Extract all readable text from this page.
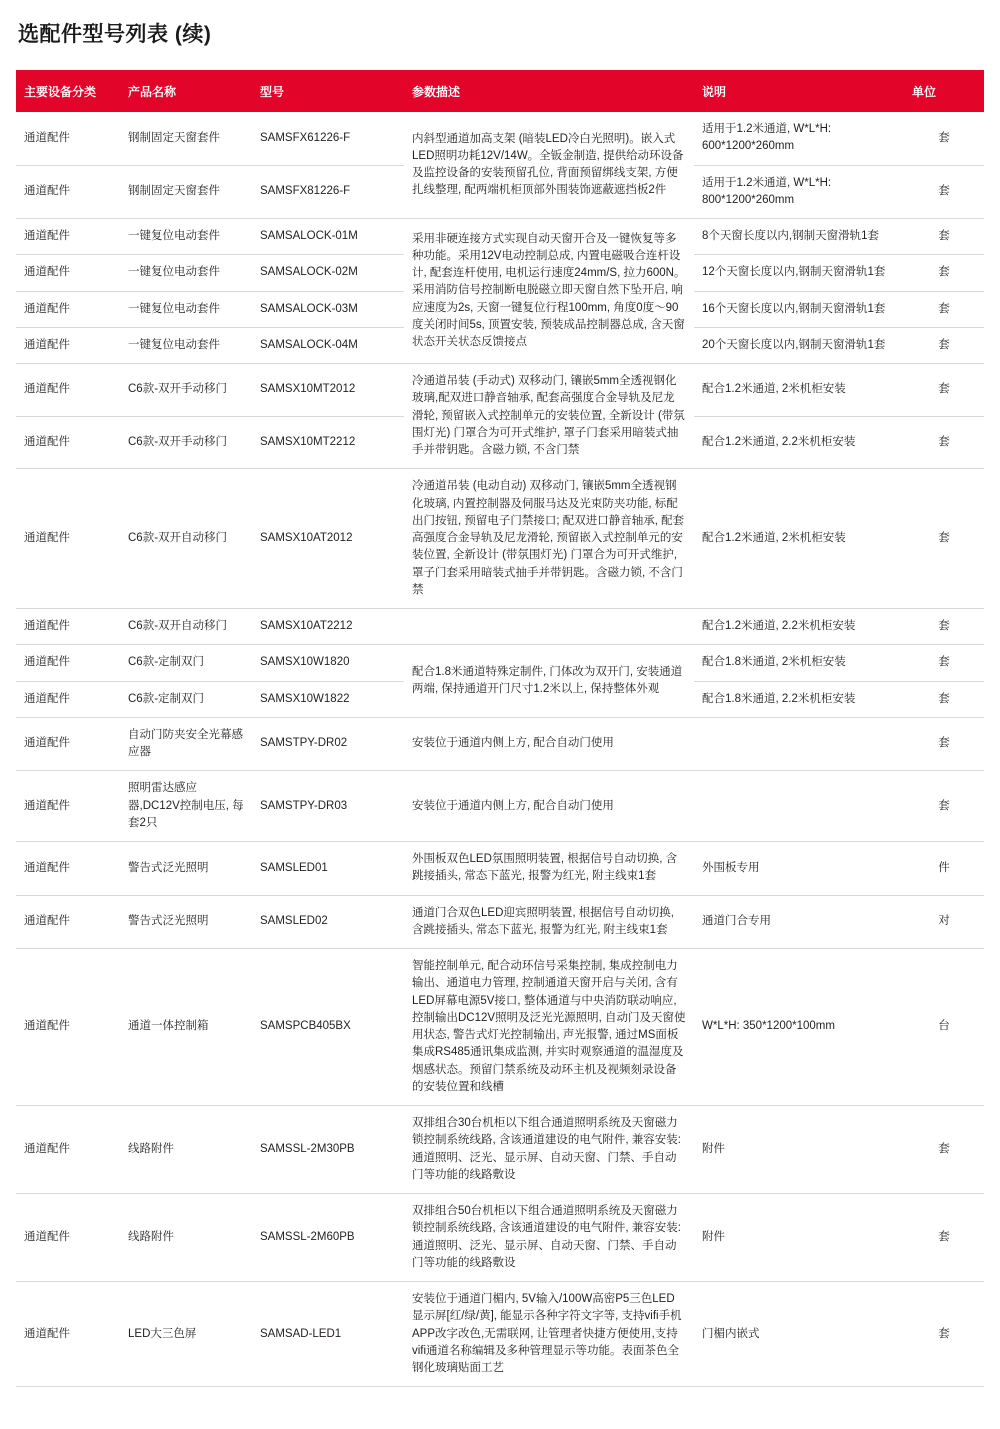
选配件型号列表 (续)
主要设备分类	产品名称	型号	参数描述	说明	单位
通道配件	钢制固定天窗套件	SAMSFX61226-F	内斜型通道加高支架 (暗装LED冷白光照明)。嵌入式LED照明功耗12V/14W。全钣金制造, 提供给动环设备及监控设备的安装预留孔位, 背面预留绑线支架, 方便扎线整理, 配两端机柜顶部外围装饰遮蔽遮挡板2件	适用于1.2米通道, W*L*H: 600*1200*260mm	套
通道配件	钢制固定天窗套件	SAMSFX81226-F		适用于1.2米通道, W*L*H: 800*1200*260mm	套
通道配件	一键复位电动套件	SAMSALOCK-01M	采用非硬连接方式实现自动天窗开合及一键恢复等多种功能。采用12V电动控制总成, 内置电磁吸合连杆设计, 配套连杆使用, 电机运行速度24mm/S, 拉力600N。采用消防信号控制断电脱磁立即天窗自然下坠开启, 响应速度为2s, 天窗一键复位行程100mm, 角度0度～90度关闭时间5s, 顶置安装, 预装成品控制器总成, 含天窗状态开关状态反馈接点	8个天窗长度以内,钢制天窗滑轨1套	套
通道配件	一键复位电动套件	SAMSALOCK-02M		12个天窗长度以内,钢制天窗滑轨1套	套
通道配件	一键复位电动套件	SAMSALOCK-03M		16个天窗长度以内,钢制天窗滑轨1套	套
通道配件	一键复位电动套件	SAMSALOCK-04M		20个天窗长度以内,钢制天窗滑轨1套	套
通道配件	C6款-双开手动移门	SAMSX10MT2012	冷通道吊装 (手动式) 双移动门, 镶嵌5mm全透视钢化玻璃,配双进口静音轴承, 配套高强度合金导轨及尼龙滑轮, 预留嵌入式控制单元的安装位置, 全新设计 (带氛围灯光) 门罩合为可开式维护, 罩子门套采用暗装式抽手并带钥匙。含磁力锁, 不含门禁	配合1.2米通道, 2米机柜安装	套
通道配件	C6款-双开手动移门	SAMSX10MT2212		配合1.2米通道, 2.2米机柜安装	套
通道配件	C6款-双开自动移门	SAMSX10AT2012	冷通道吊装 (电动自动) 双移动门, 镶嵌5mm全透视钢化玻璃, 内置控制器及伺服马达及光束防夹功能, 标配出门按钮, 预留电子门禁接口; 配双进口静音轴承, 配套高强度合金导轨及尼龙滑轮, 预留嵌入式控制单元的安装位置, 全新设计 (带氛围灯光) 门罩合为可开式维护, 罩子门套采用暗装式抽手并带钥匙。含磁力锁, 不含门禁	配合1.2米通道, 2米机柜安装	套
通道配件	C6款-双开自动移门	SAMSX10AT2212		配合1.2米通道, 2.2米机柜安装	套
通道配件	C6款-定制双门	SAMSX10W1820	配合1.8米通道特殊定制件, 门体改为双开门, 安装通道两端, 保持通道开门尺寸1.2米以上, 保持整体外观	配合1.8米通道, 2米机柜安装	套
通道配件	C6款-定制双门	SAMSX10W1822		配合1.8米通道, 2.2米机柜安装	套
通道配件	自动门防夹安全光幕感应器	SAMSTPY-DR02	安装位于通道内侧上方, 配合自动门使用		套
通道配件	照明雷达感应器,DC12V控制电压, 每套2只	SAMSTPY-DR03	安装位于通道内侧上方, 配合自动门使用		套
通道配件	警告式泛光照明	SAMSLED01	外围板双色LED氛围照明装置, 根据信号自动切换, 含跳接插头, 常态下蓝光, 报警为红光, 附主线束1套	外围板专用	件
通道配件	警告式泛光照明	SAMSLED02	通道门合双色LED迎宾照明装置, 根据信号自动切换, 含跳接插头, 常态下蓝光, 报警为红光, 附主线束1套	通道门合专用	对
通道配件	通道一体控制箱	SAMSPCB405BX	智能控制单元, 配合动环信号采集控制, 集成控制电力输出、通道电力管理, 控制通道天窗开启与关闭, 含有LED屏幕电源5V接口, 整体通道与中央消防联动响应, 控制输出DC12V照明及泛光光源照明, 自动门及天窗使用状态, 警告式灯光控制输出, 声光报警, 通过MS面板集成RS485通讯集成监测, 并实时观察通道的温湿度及烟感状态。预留门禁系统及动环主机及视频刻录设备的安装位置和线槽	W*L*H: 350*1200*100mm	台
通道配件	线路附件	SAMSSL-2M30PB	双排组合30台机柜以下组合通道照明系统及天窗磁力锁控制系统线路, 含该通道建设的电气附件, 兼容安装: 通道照明、泛光、显示屏、自动天窗、门禁、手自动门等功能的线路敷设	附件	套
通道配件	线路附件	SAMSSL-2M60PB	双排组合50台机柜以下组合通道照明系统及天窗磁力锁控制系统线路, 含该通道建设的电气附件, 兼容安装: 通道照明、泛光、显示屏、自动天窗、门禁、手自动门等功能的线路敷设	附件	套
通道配件	LED大三色屏	SAMSAD-LED1	安装位于通道门楣内, 5V输入/100W高密P5三色LED显示屏[红/绿/黄], 能显示各种字符文字等, 支持vifi手机APP改字改色,无需联网, 让管理者快捷方便使用,支持vifi通道名称编辑及多种管理显示等功能。表面茶色全钢化玻璃贴面工艺	门楣内嵌式	套
